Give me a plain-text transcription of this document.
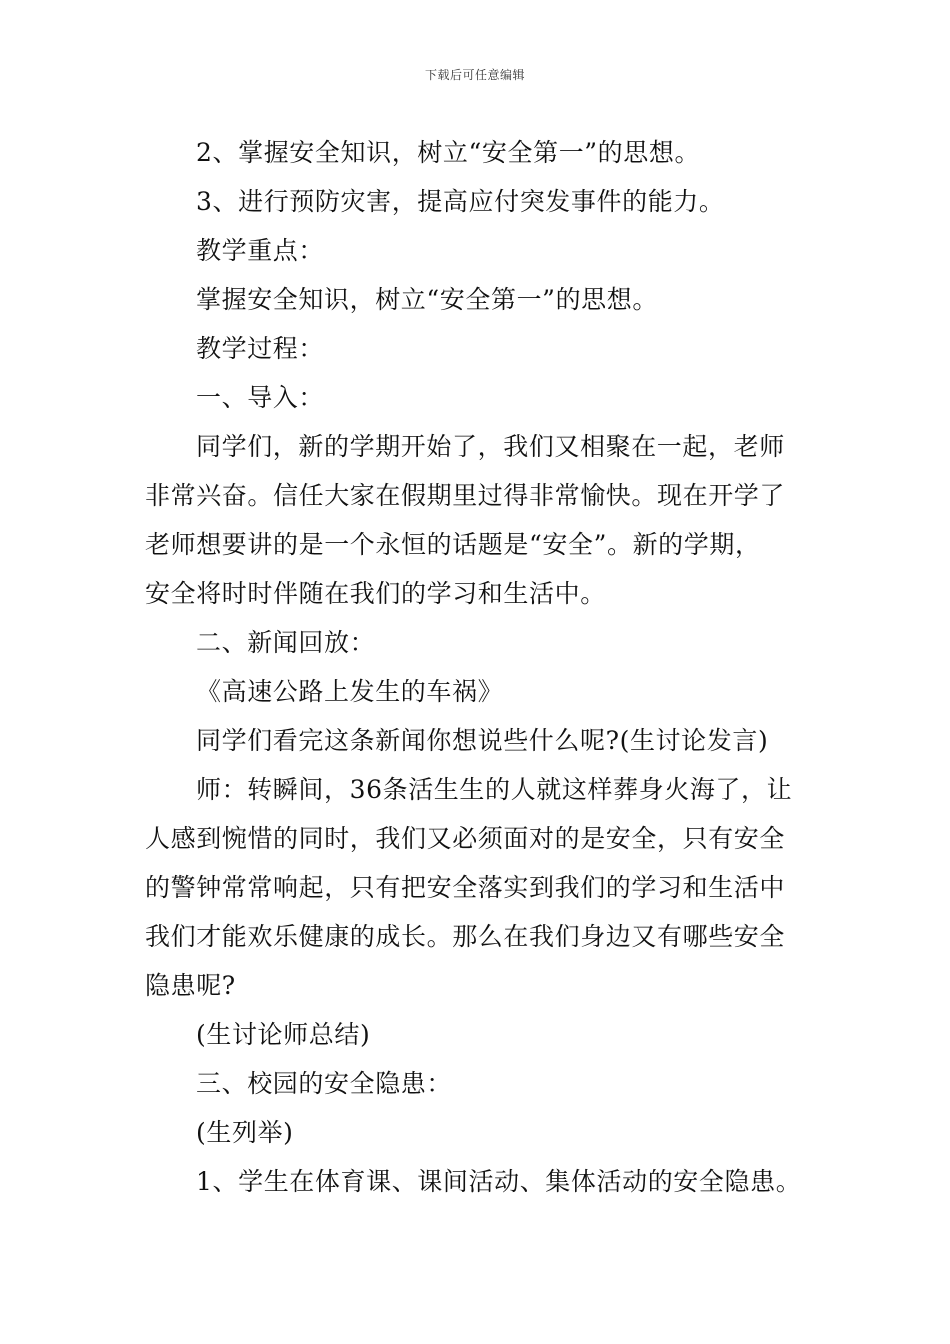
下载后可任意编辑

2、掌握安全知识，树立“安全第一”的思想。

3、进行预防灾害，提高应付突发事件的能力。

教学重点：

掌握安全知识，树立“安全第一”的思想。

教学过程：

一、导入：

同学们，新的学期开始了，我们又相聚在一起，老师

非常兴奋。信任大家在假期里过得非常愉快。现在开学了

老师想要讲的是一个永恒的话题是“安全”。新的学期，

安全将时时伴随在我们的学习和生活中。

二、新闻回放：

《高速公路上发生的车祸》

同学们看完这条新闻你想说些什么呢?(生讨论发言)

师：转瞬间，36条活生生的人就这样葬身火海了，让

人感到惋惜的同时，我们又必须面对的是安全，只有安全

的警钟常常响起，只有把安全落实到我们的学习和生活中

我们才能欢乐健康的成长。那么在我们身边又有哪些安全

隐患呢?

(生讨论师总结)

三、校园的安全隐患：

(生列举)

1、学生在体育课、课间活动、集体活动的安全隐患。
